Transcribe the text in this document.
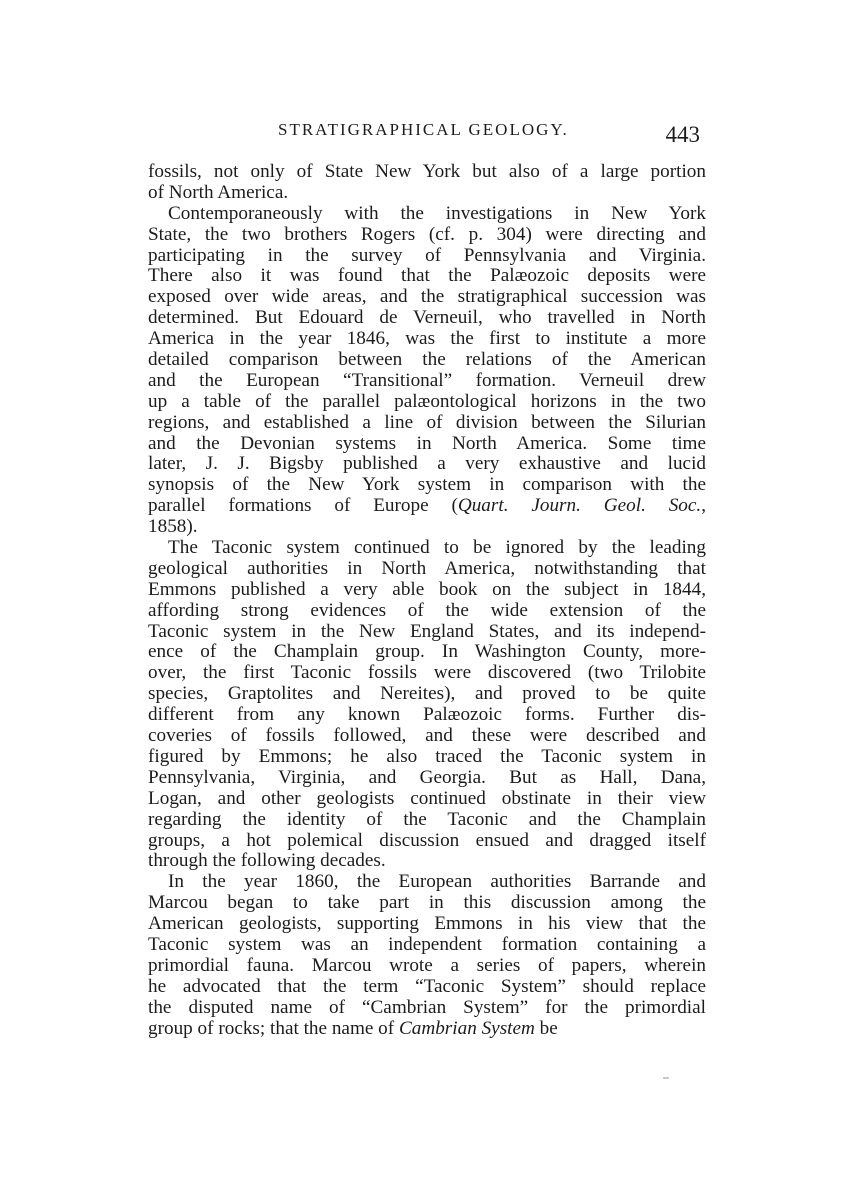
STRATIGRAPHICAL GEOLOGY.	443

fossils, not only of State New York but also of a large portion
of North America.

Contemporaneously with the investigations in New York
State, the two brothers Rogers (cf. p. 304) were directing and
participating in the survey of Pennsylvania and Virginia.
There also it was found that the Palæozoic deposits were
exposed over wide areas, and the stratigraphical succession was
determined. But Edouard de Verneuil, who travelled in North
America in the year 1846, was the first to institute a more
detailed comparison between the relations of the American
and the European “Transitional” formation. Verneuil drew
up a table of the parallel palæontological horizons in the two
regions, and established a line of division between the Silurian
and the Devonian systems in North America. Some time
later, J. J. Bigsby published a very exhaustive and lucid
synopsis of the New York system in comparison with the
parallel formations of Europe (Quart. Journ. Geol. Soc.,
1858).

The Taconic system continued to be ignored by the leading
geological authorities in North America, notwithstanding that
Emmons published a very able book on the subject in 1844,
affording strong evidences of the wide extension of the
Taconic system in the New England States, and its independ-
ence of the Champlain group. In Washington County, more-
over, the first Taconic fossils were discovered (two Trilobite
species, Graptolites and Nereites), and proved to be quite
different from any known Palæozoic forms. Further dis-
coveries of fossils followed, and these were described and
figured by Emmons; he also traced the Taconic system in
Pennsylvania, Virginia, and Georgia. But as Hall, Dana,
Logan, and other geologists continued obstinate in their view
regarding the identity of the Taconic and the Champlain
groups, a hot polemical discussion ensued and dragged itself
through the following decades.

In the year 1860, the European authorities Barrande and
Marcou began to take part in this discussion among the
American geologists, supporting Emmons in his view that the
Taconic system was an independent formation containing a
primordial fauna. Marcou wrote a series of papers, wherein
he advocated that the term “Taconic System” should replace
the disputed name of “Cambrian System” for the primordial
group of rocks; that the name of Cambrian System be
